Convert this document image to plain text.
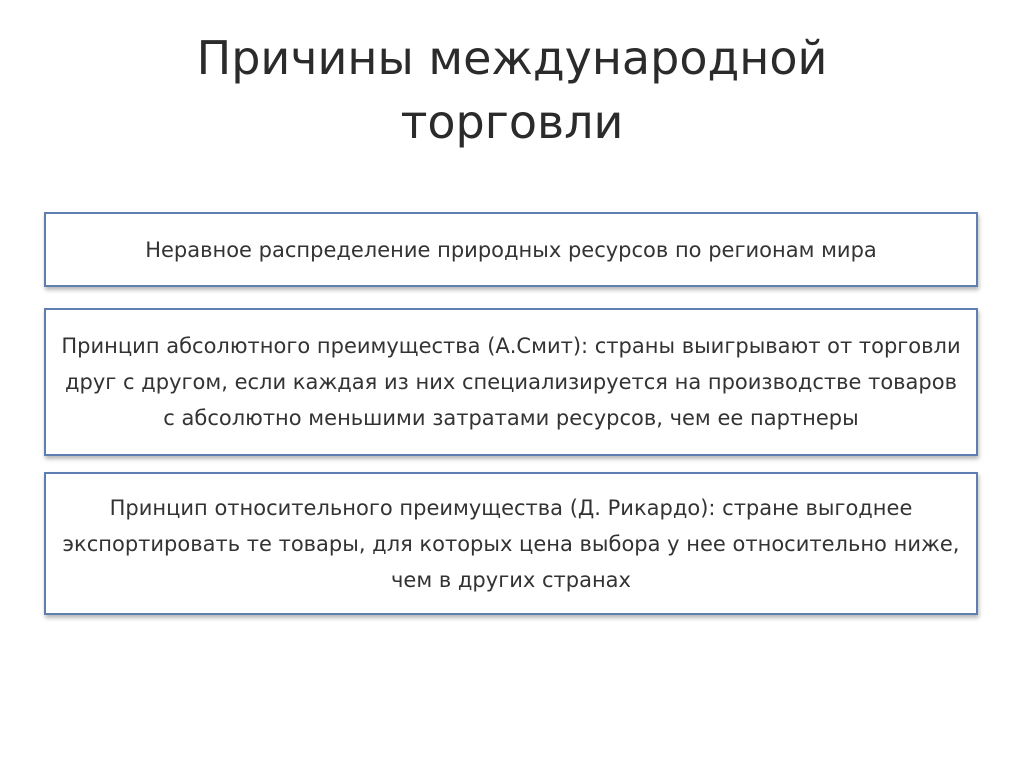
Причины международной
торговли
Неравное распределение природных ресурсов по регионам мира
Принцип абсолютного преимущества (А.Смит): страны выигрывают от торговли друг с другом, если каждая из них специализируется на производстве товаров с абсолютно меньшими затратами ресурсов, чем ее партнеры
Принцип относительного преимущества (Д. Рикардо): стране выгоднее экспортировать те товары, для которых цена выбора у нее относительно ниже, чем в других странах
